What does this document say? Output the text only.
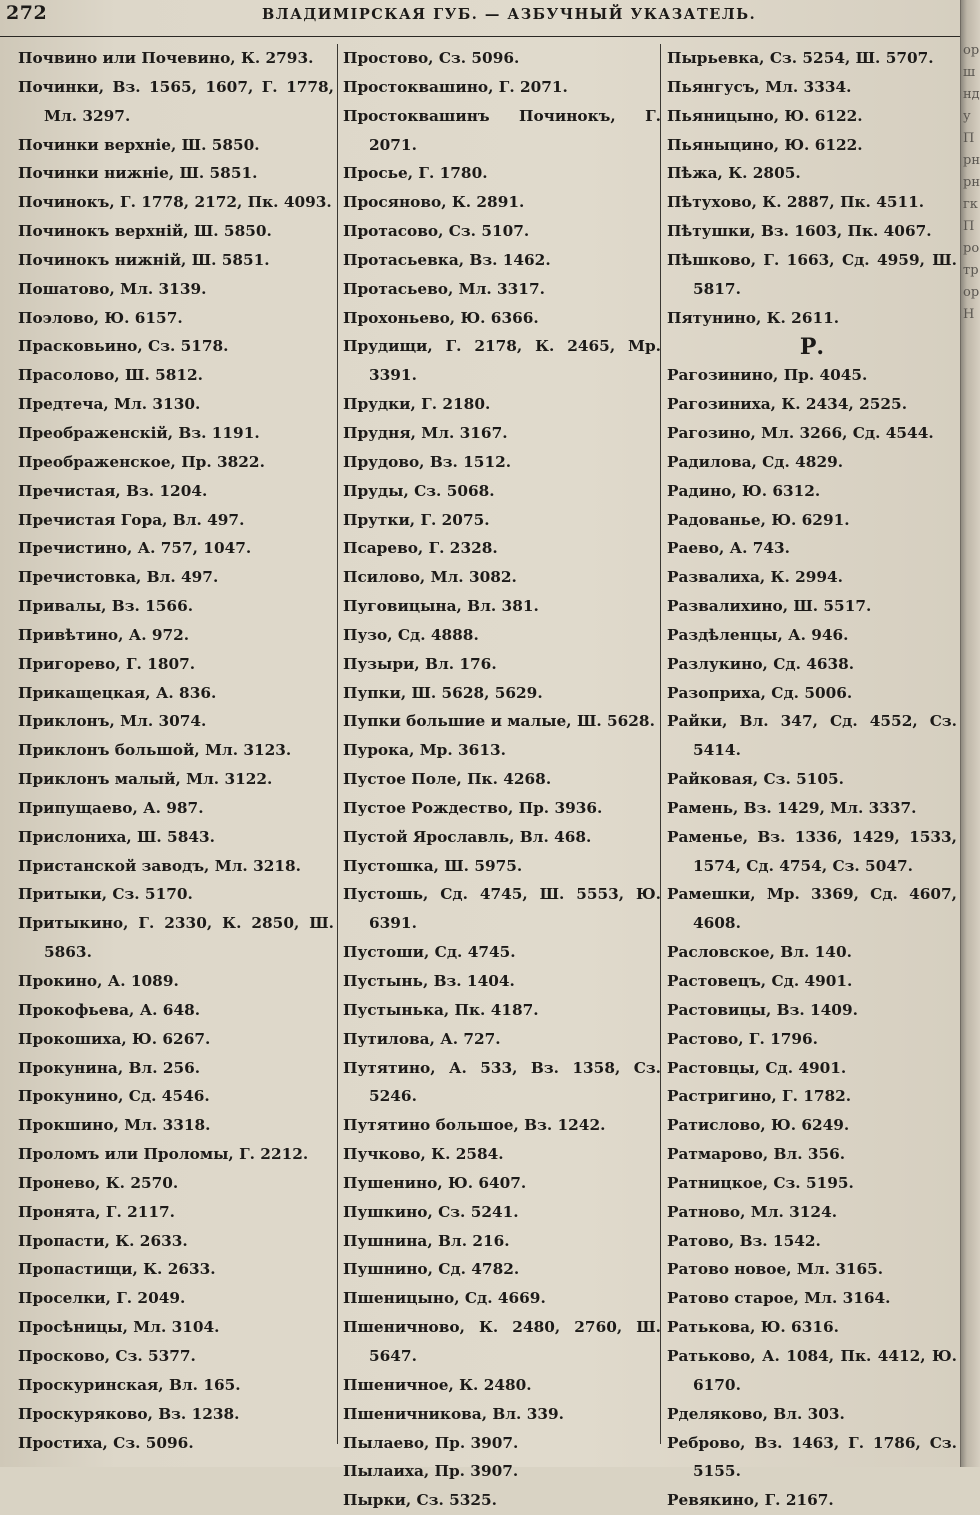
272	ВЛАДИМІРСКАЯ ГУБ. — АЗБУЧНЫЙ УКАЗАТЕЛЬ.
Почвино или Почевино, К. 2793.
Починки, Вз. 1565, 1607, Г. 1778, Мл. 3297.
Починки верхніе, Ш. 5850.
Починки нижніе, Ш. 5851.
Починокъ, Г. 1778, 2172, Пк. 4093.
Починокъ верхній, Ш. 5850.
Починокъ нижній, Ш. 5851.
Пошатово, Мл. 3139.
Поэлово, Ю. 6157.
Прасковьино, Сз. 5178.
Прасолово, Ш. 5812.
Предтеча, Мл. 3130.
Преображенскій, Вз. 1191.
Преображенское, Пр. 3822.
Пречистая, Вз. 1204.
Пречистая Гора, Вл. 497.
Пречистино, А. 757, 1047.
Пречистовка, Вл. 497.
Привалы, Вз. 1566.
Привѣтино, А. 972.
Пригорево, Г. 1807.
Прикащецкая, А. 836.
Приклонъ, Мл. 3074.
Приклонъ большой, Мл. 3123.
Приклонъ малый, Мл. 3122.
Припущаево, А. 987.
Прислониха, Ш. 5843.
Пристанской заводъ, Мл. 3218.
Притыки, Сз. 5170.
Притыкино, Г. 2330, К. 2850, Ш. 5863.
Прокино, А. 1089.
Прокофьева, А. 648.
Прокошиха, Ю. 6267.
Прокунина, Вл. 256.
Прокунино, Сд. 4546.
Прокшино, Мл. 3318.
Проломъ или Проломы, Г. 2212.
Пронево, К. 2570.
Пронята, Г. 2117.
Пропасти, К. 2633.
Пропастищи, К. 2633.
Проселки, Г. 2049.
Просѣницы, Мл. 3104.
Просково, Сз. 5377.
Проскуринская, Вл. 165.
Проскуряково, Вз. 1238.
Простиха, Сз. 5096.
Простово, Сз. 5096.
Простоквашино, Г. 2071.
Простоквашинъ Починокъ, Г. 2071.
Просье, Г. 1780.
Просяново, К. 2891.
Протасово, Сз. 5107.
Протасьевка, Вз. 1462.
Протасьево, Мл. 3317.
Прохоньево, Ю. 6366.
Прудищи, Г. 2178, К. 2465, Мр. 3391.
Прудки, Г. 2180.
Прудня, Мл. 3167.
Прудово, Вз. 1512.
Пруды, Сз. 5068.
Прутки, Г. 2075.
Псарево, Г. 2328.
Псилово, Мл. 3082.
Пуговицына, Вл. 381.
Пузо, Сд. 4888.
Пузыри, Вл. 176.
Пупки, Ш. 5628, 5629.
Пупки большие и малые, Ш. 5628.
Пурока, Мр. 3613.
Пустое Поле, Пк. 4268.
Пустое Рождество, Пр. 3936.
Пустой Ярославль, Вл. 468.
Пустошка, Ш. 5975.
Пустошь, Сд. 4745, Ш. 5553, Ю. 6391.
Пустоши, Сд. 4745.
Пустынь, Вз. 1404.
Пустынька, Пк. 4187.
Путилова, А. 727.
Путятино, А. 533, Вз. 1358, Сз. 5246.
Путятино большое, Вз. 1242.
Пучково, К. 2584.
Пушенино, Ю. 6407.
Пушкино, Сз. 5241.
Пушнина, Вл. 216.
Пушнино, Сд. 4782.
Пшеницыно, Сд. 4669.
Пшеничново, К. 2480, 2760, Ш. 5647.
Пшеничное, К. 2480.
Пшеничникова, Вл. 339.
Пылаево, Пр. 3907.
Пылаиха, Пр. 3907.
Пырки, Сз. 5325.
Пырьевка, Сз. 5254, Ш. 5707.
Пьянгусъ, Мл. 3334.
Пьяницыно, Ю. 6122.
Пьяныцино, Ю. 6122.
Пѣжа, К. 2805.
Пѣтухово, К. 2887, Пк. 4511.
Пѣтушки, Вз. 1603, Пк. 4067.
Пѣшково, Г. 1663, Сд. 4959, Ш. 5817.
Пятунино, К. 2611.
Р.
Рагозинино, Пр. 4045.
Рагозиниха, К. 2434, 2525.
Рагозино, Мл. 3266, Сд. 4544.
Радилова, Сд. 4829.
Радино, Ю. 6312.
Радованье, Ю. 6291.
Раево, А. 743.
Развалиха, К. 2994.
Развалихино, Ш. 5517.
Раздѣленцы, А. 946.
Разлукино, Сд. 4638.
Разоприха, Сд. 5006.
Райки, Вл. 347, Сд. 4552, Сз. 5414.
Райковая, Сз. 5105.
Рамень, Вз. 1429, Мл. 3337.
Раменье, Вз. 1336, 1429, 1533, 1574, Сд. 4754, Сз. 5047.
Рамешки, Мр. 3369, Сд. 4607, 4608.
Расловское, Вл. 140.
Растовецъ, Сд. 4901.
Растовицы, Вз. 1409.
Растово, Г. 1796.
Растовцы, Сд. 4901.
Растригино, Г. 1782.
Ратислово, Ю. 6249.
Ратмарово, Вл. 356.
Ратницкое, Сз. 5195.
Ратново, Мл. 3124.
Ратово, Вз. 1542.
Ратово новое, Мл. 3165.
Ратово старое, Мл. 3164.
Ратькова, Ю. 6316.
Ратьково, А. 1084, Пк. 4412, Ю. 6170.
Рделяково, Вл. 303.
Реброво, Вз. 1463, Г. 1786, Сз. 5155.
Ревякино, Г. 2167.
оршндуПрнрнгкПротрорН
